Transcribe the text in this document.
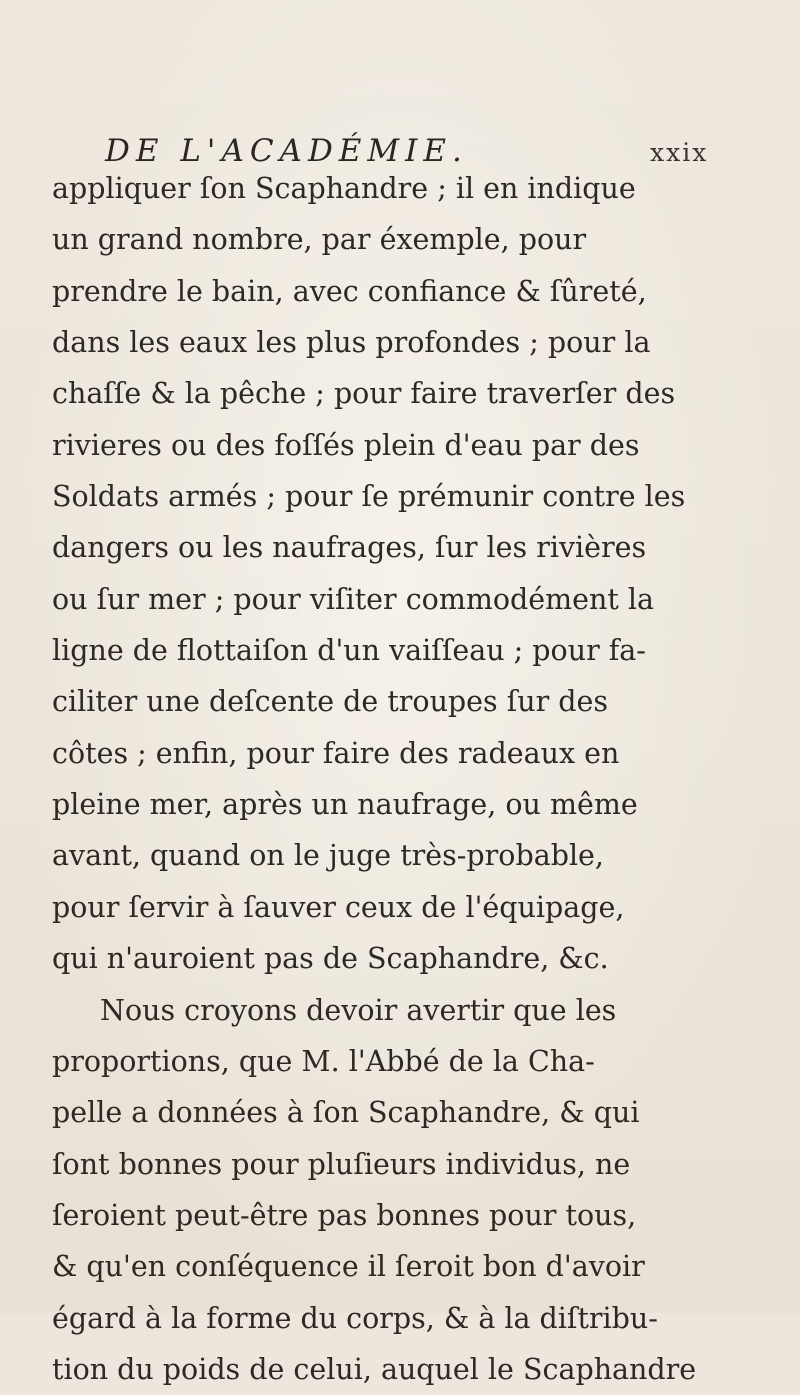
DE L'ACADÉMIE.	xxix
appliquer ſon Scaphandre ; il en indique
un grand nombre, par éxemple, pour
prendre le bain, avec confiance & ſûreté,
dans les eaux les plus profondes ; pour la
chaſſe & la pêche ; pour faire traverſer des
rivieres ou des foſſés plein d'eau par des
Soldats armés ; pour ſe prémunir contre les
dangers ou les naufrages, ſur les rivières
ou ſur mer ; pour viſiter commodément la
ligne de flottaiſon d'un vaiſſeau ; pour fa-
ciliter une deſcente de troupes ſur des
côtes ; enfin, pour faire des radeaux en
pleine mer, après un naufrage, ou même
avant, quand on le juge très-probable,
pour ſervir à ſauver ceux de l'équipage,
qui n'auroient pas de Scaphandre, &c.
Nous croyons devoir avertir que les
proportions, que M. l'Abbé de la Cha-
pelle a données à ſon Scaphandre, & qui
ſont bonnes pour pluſieurs individus, ne
ſeroient peut-être pas bonnes pour tous,
& qu'en conſéquence il ſeroit bon d'avoir
égard à la forme du corps, & à la diſtribu-
tion du poids de celui, auquel le Scaphandre
